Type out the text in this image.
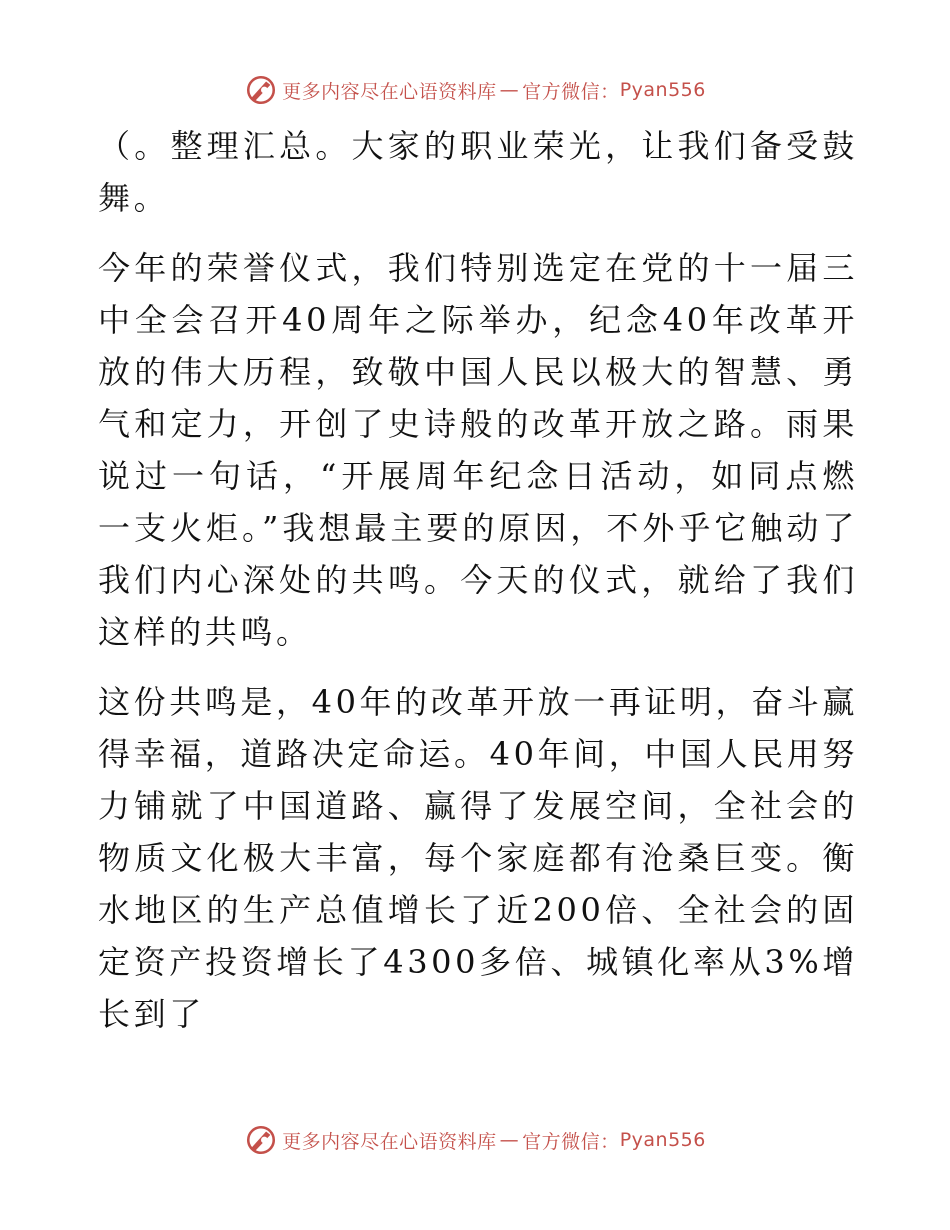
更多内容尽在心语资料库 — 官方微信： Pyan556

（。整理汇总。大家的职业荣光，让我们备受鼓舞。

今年的荣誉仪式，我们特别选定在党的十一届三中全会召开40周年之际举办，纪念40年改革开放的伟大历程，致敬中国人民以极大的智慧、勇气和定力，开创了史诗般的改革开放之路。雨果说过一句话，“开展周年纪念日活动，如同点燃一支火炬。”我想最主要的原因，不外乎它触动了我们内心深处的共鸣。今天的仪式，就给了我们这样的共鸣。

这份共鸣是，40年的改革开放一再证明，奋斗赢得幸福，道路决定命运。40年间，中国人民用努力铺就了中国道路、赢得了发展空间，全社会的物质文化极大丰富，每个家庭都有沧桑巨变。衡水地区的生产总值增长了近200倍、全社会的固定资产投资增长了4300多倍、城镇化率从3%增长到了

更多内容尽在心语资料库 — 官方微信： Pyan556
